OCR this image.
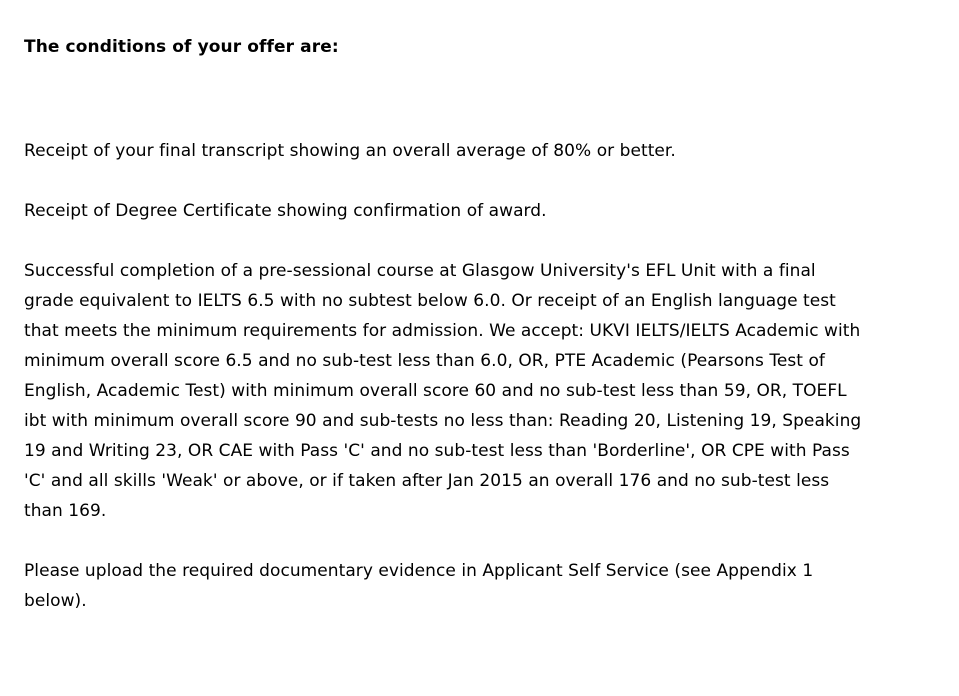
The conditions of your offer are:

Receipt of your final transcript showing an overall average of 80% or better.

Receipt of Degree Certificate showing confirmation of award.

Successful completion of a pre-sessional course at Glasgow University's EFL Unit with a final grade equivalent to IELTS 6.5 with no subtest below 6.0. Or receipt of an English language test that meets the minimum requirements for admission. We accept: UKVI IELTS/IELTS Academic with minimum overall score 6.5 and no sub-test less than 6.0, OR, PTE Academic (Pearsons Test of English, Academic Test) with minimum overall score 60 and no sub-test less than 59, OR, TOEFL ibt with minimum overall score 90 and sub-tests no less than: Reading 20, Listening 19, Speaking 19 and Writing 23, OR CAE with Pass 'C' and no sub-test less than 'Borderline', OR CPE with Pass 'C' and all skills 'Weak' or above, or if taken after Jan 2015 an overall 176 and no sub-test less than 169.

Please upload the required documentary evidence in Applicant Self Service (see Appendix 1 below).
